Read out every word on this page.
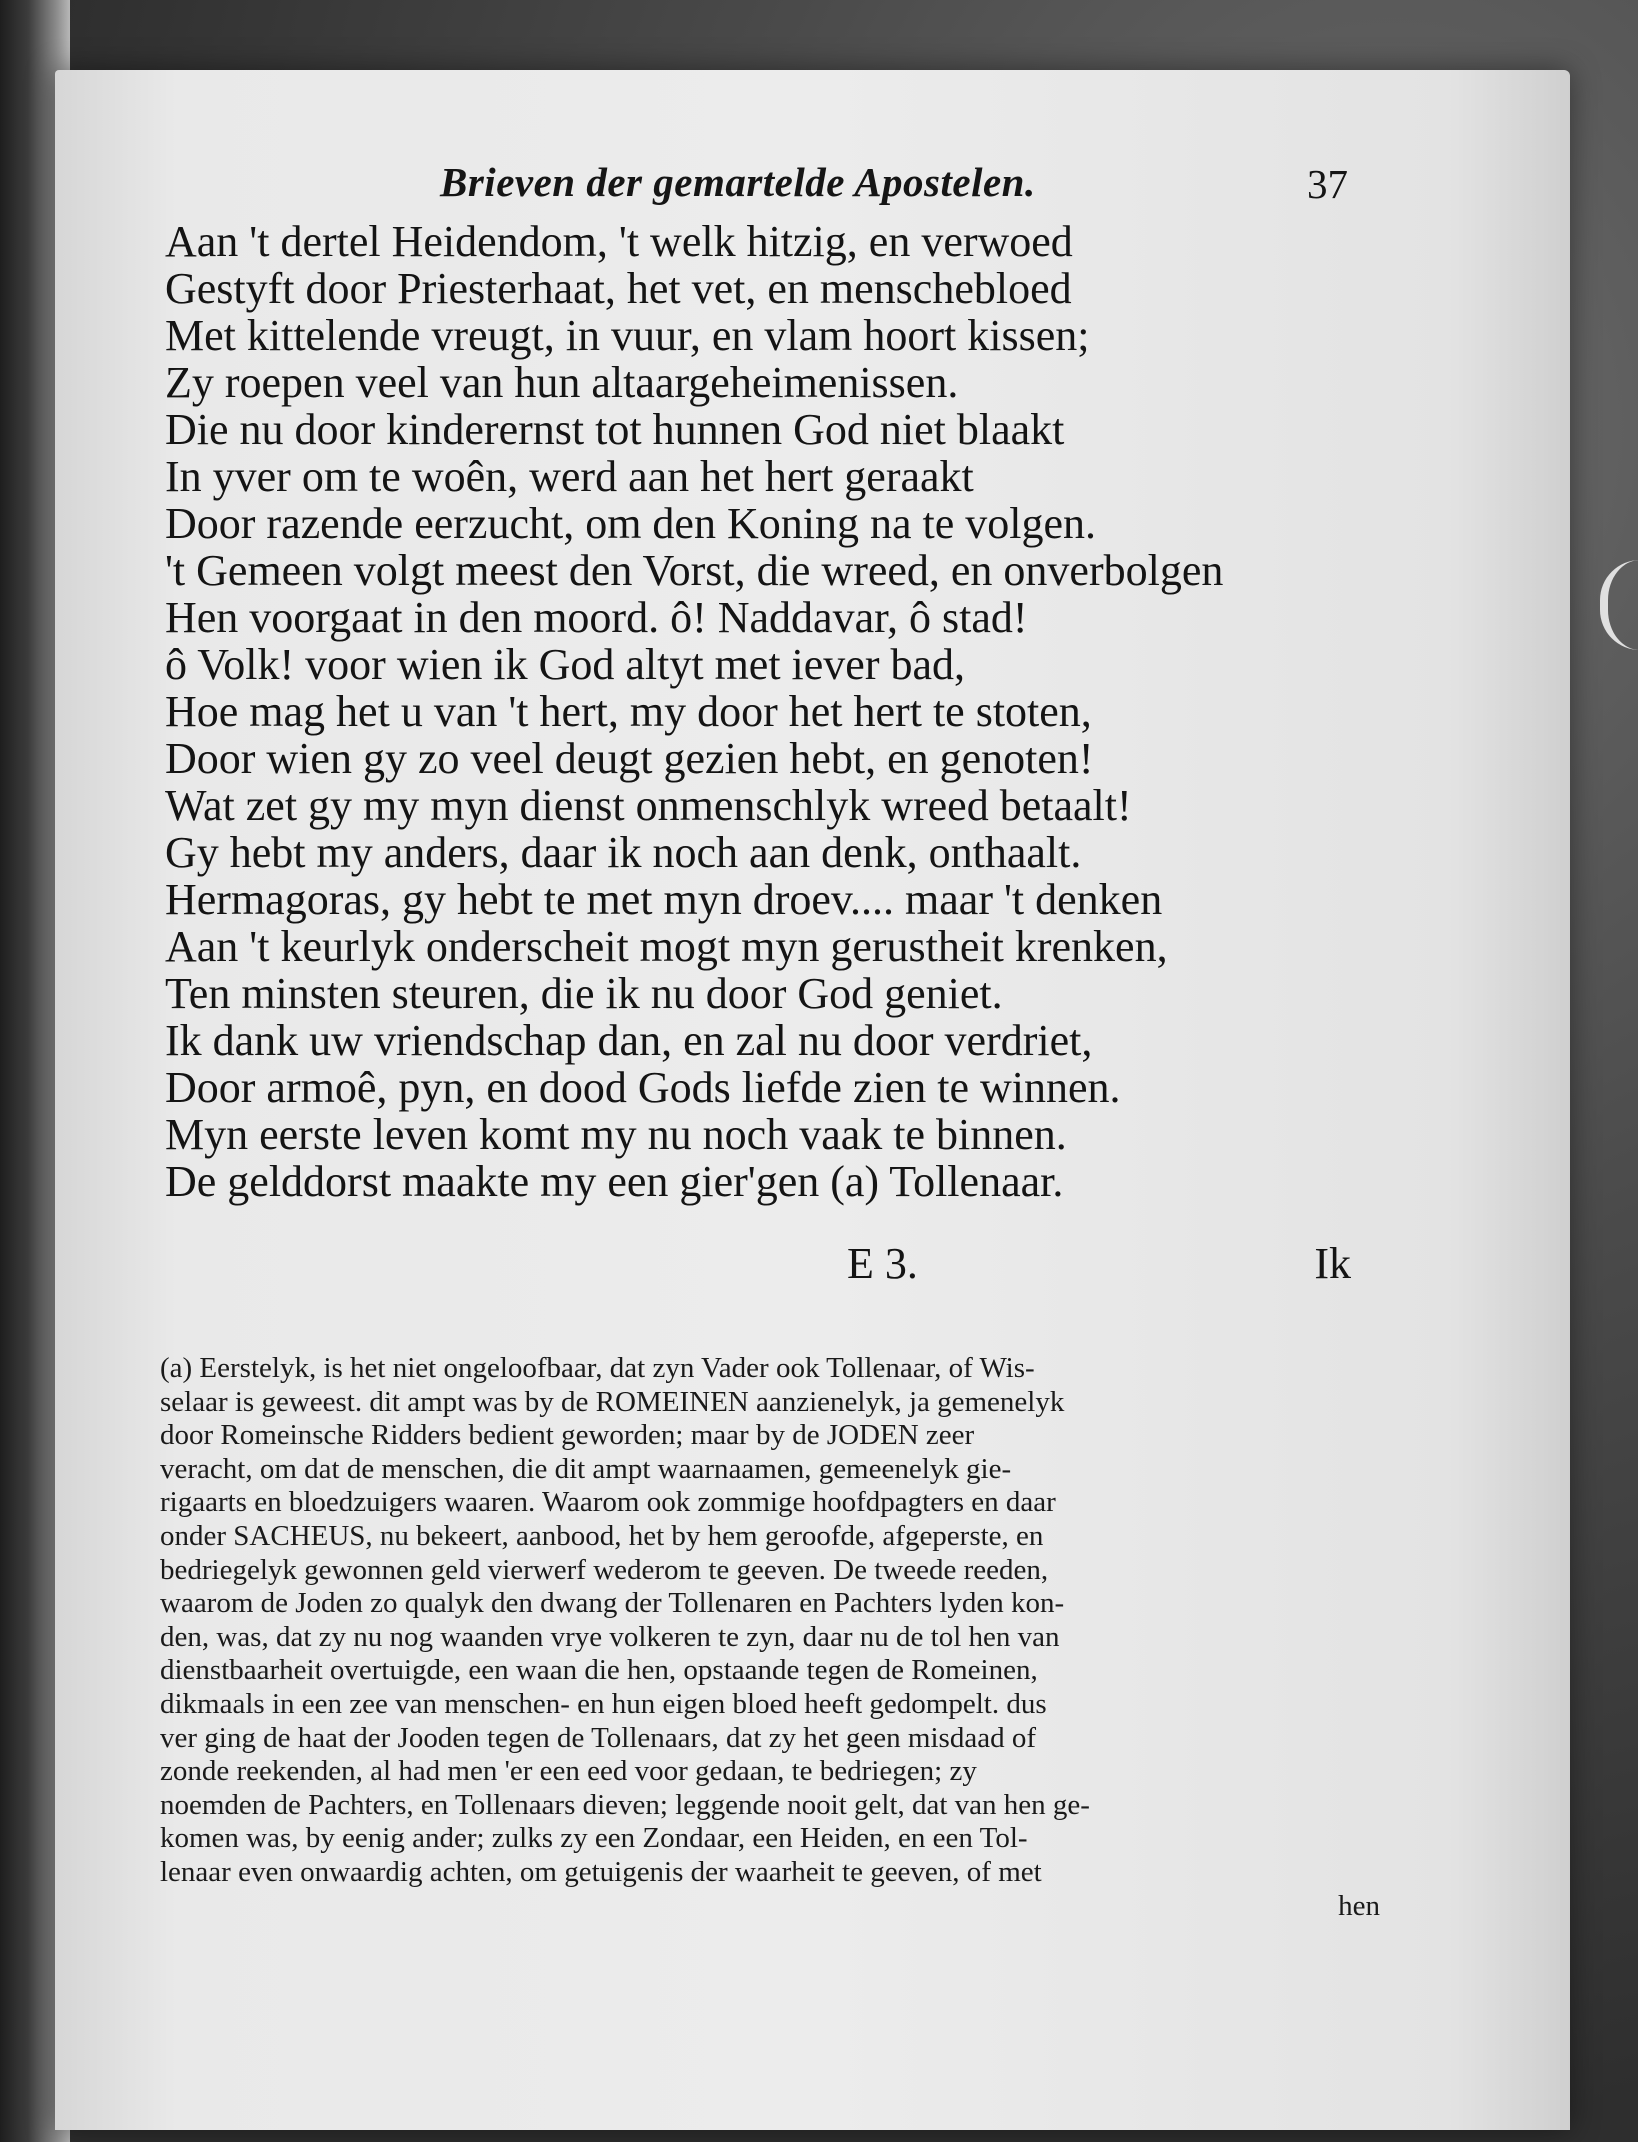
Brieven der gemartelde Apostelen.	37
Aan 't dertel Heidendom, 't welk hitzig, en verwoed
Gestyft door Priesterhaat, het vet, en menschebloed
Met kittelende vreugt, in vuur, en vlam hoort kissen;
Zy roepen veel van hun altaargeheimenissen.
Die nu door kinderernst tot hunnen God niet blaakt
In yver om te woên, werd aan het hert geraakt
Door razende eerzucht, om den Koning na te volgen.
't Gemeen volgt meest den Vorst, die wreed, en onverbolgen
Hen voorgaat in den moord. ô! Naddavar, ô stad!
ô Volk! voor wien ik God altyt met iever bad,
Hoe mag het u van 't hert, my door het hert te stoten,
Door wien gy zo veel deugt gezien hebt, en genoten!
Wat zet gy my myn dienst onmenschlyk wreed betaalt!
Gy hebt my anders, daar ik noch aan denk, onthaalt.
Hermagoras, gy hebt te met myn droev.... maar 't denken
Aan 't keurlyk onderscheit mogt myn gerustheit krenken,
Ten minsten steuren, die ik nu door God geniet.
Ik dank uw vriendschap dan, en zal nu door verdriet,
Door armoê, pyn, en dood Gods liefde zien te winnen.
Myn eerste leven komt my nu noch vaak te binnen.
De gelddorst maakte my een gier'gen (a) Tollenaar.
E 3.	Ik
(a) Eerstelyk, is het niet ongeloofbaar, dat zyn Vader ook Tollenaar, of Wis-
selaar is geweest. dit ampt was by de ROMEINEN aanzienelyk, ja gemenelyk
door Romeinsche Ridders bedient geworden; maar by de JODEN zeer
veracht, om dat de menschen, die dit ampt waarnaamen, gemeenelyk gie-
rigaarts en bloedzuigers waaren. Waarom ook zommige hoofdpagters en daar
onder SACHEUS, nu bekeert, aanbood, het by hem geroofde, afgeperste, en
bedriegelyk gewonnen geld vierwerf wederom te geeven. De tweede reeden,
waarom de Joden zo qualyk den dwang der Tollenaren en Pachters lyden kon-
den, was, dat zy nu nog waanden vrye volkeren te zyn, daar nu de tol hen van
dienstbaarheit overtuigde, een waan die hen, opstaande tegen de Romeinen,
dikmaals in een zee van menschen- en hun eigen bloed heeft gedompelt. dus
ver ging de haat der Jooden tegen de Tollenaars, dat zy het geen misdaad of
zonde reekenden, al had men 'er een eed voor gedaan, te bedriegen; zy
noemden de Pachters, en Tollenaars dieven; leggende nooit gelt, dat van hen ge-
komen was, by eenig ander; zulks zy een Zondaar, een Heiden, en een Tol-
lenaar even onwaardig achten, om getuigenis der waarheit te geeven, of met
hen
